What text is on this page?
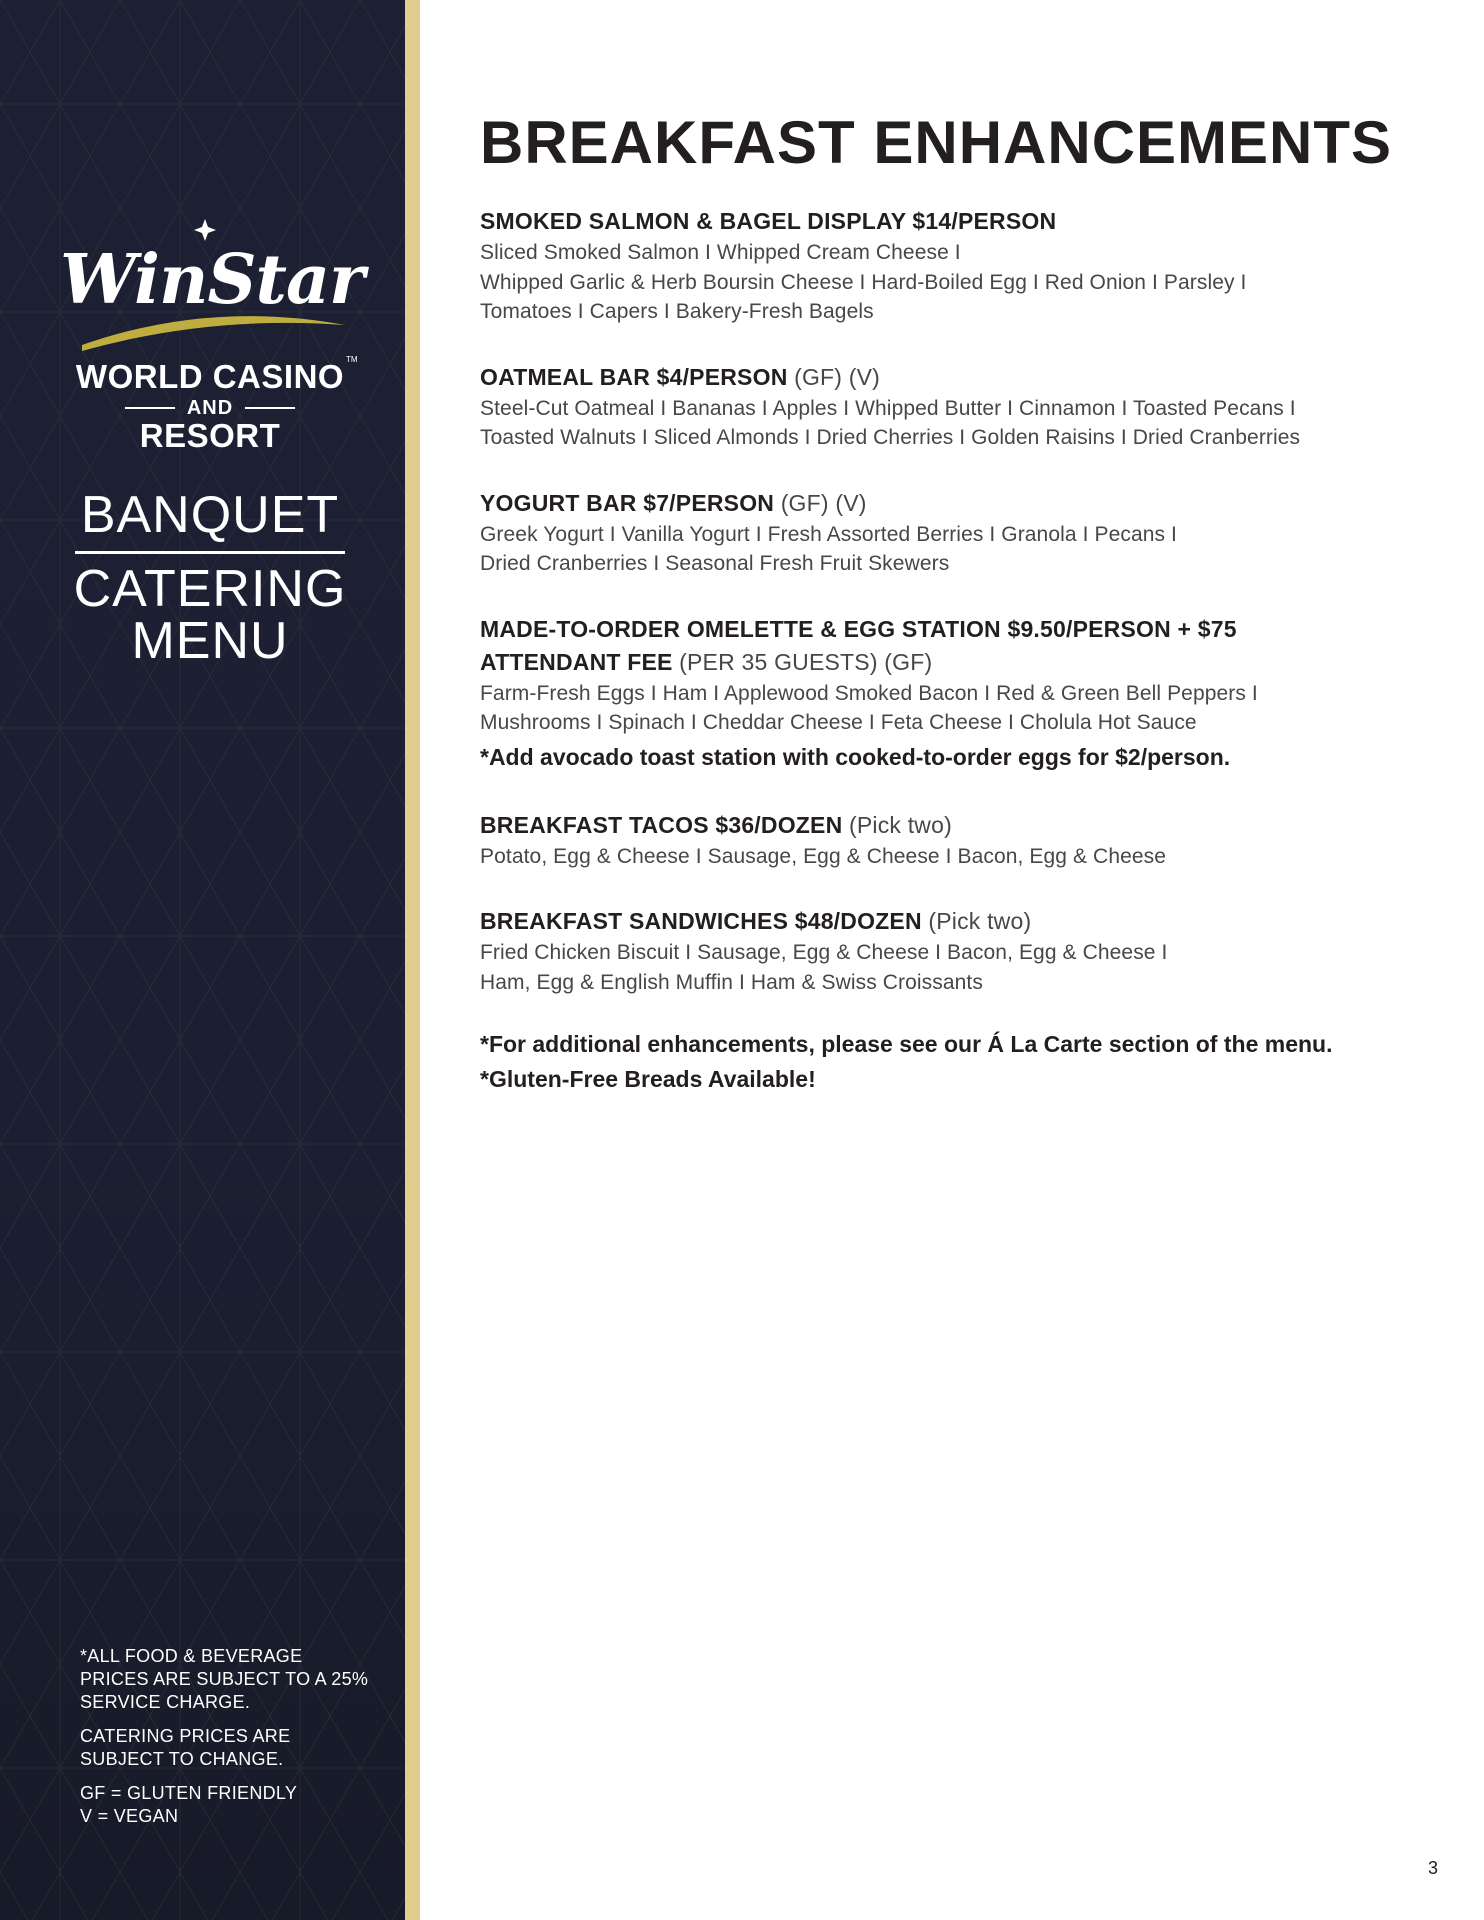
WinStar
WORLD CASINO TM
AND
RESORT
BANQUET
CATERING
MENU

*ALL FOOD & BEVERAGE PRICES ARE SUBJECT TO A 25% SERVICE CHARGE.

CATERING PRICES ARE SUBJECT TO CHANGE.

GF = GLUTEN FRIENDLY
V = VEGAN
BREAKFAST ENHANCEMENTS
SMOKED SALMON & BAGEL DISPLAY $14/PERSON
Sliced Smoked Salmon I Whipped Cream Cheese I
Whipped Garlic & Herb Boursin Cheese I Hard-Boiled Egg I Red Onion I Parsley I
Tomatoes I Capers I Bakery-Fresh Bagels
OATMEAL BAR $4/PERSON (GF) (V)
Steel-Cut Oatmeal I Bananas I Apples I Whipped Butter I Cinnamon I Toasted Pecans I
Toasted Walnuts I Sliced Almonds I Dried Cherries I Golden Raisins I Dried Cranberries
YOGURT BAR $7/PERSON (GF) (V)
Greek Yogurt I Vanilla Yogurt I Fresh Assorted Berries I Granola I Pecans I
Dried Cranberries I Seasonal Fresh Fruit Skewers
MADE-TO-ORDER OMELETTE & EGG STATION $9.50/PERSON + $75
ATTENDANT FEE (PER 35 GUESTS) (GF)
Farm-Fresh Eggs I Ham I Applewood Smoked Bacon I Red & Green Bell Peppers I
Mushrooms I Spinach I Cheddar Cheese I Feta Cheese I Cholula Hot Sauce
*Add avocado toast station with cooked-to-order eggs for $2/person.
BREAKFAST TACOS $36/DOZEN (Pick two)
Potato, Egg & Cheese I Sausage, Egg & Cheese I Bacon, Egg & Cheese
BREAKFAST SANDWICHES $48/DOZEN (Pick two)
Fried Chicken Biscuit I Sausage, Egg & Cheese I Bacon, Egg & Cheese I
Ham, Egg & English Muffin I Ham & Swiss Croissants
*For additional enhancements, please see our Á La Carte section of the menu.
*Gluten-Free Breads Available!
3
